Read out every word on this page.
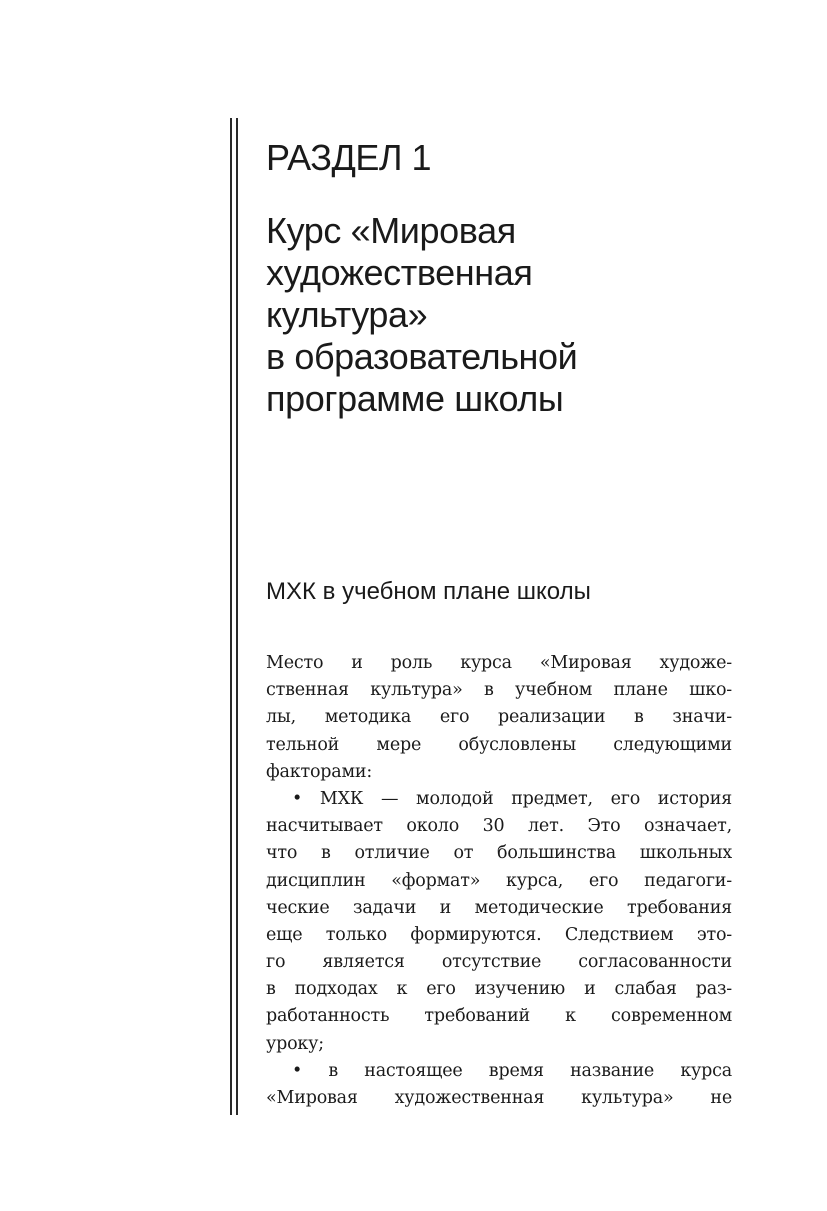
РАЗДЕЛ 1
Курс «Мировая
художественная
культура»
в образовательной
программе школы
МХК в учебном плане школы
Место и роль курса «Мировая художе-
ственная культура» в учебном плане шко-
лы, методика его реализации в значи-
тельной мере обусловлены следующими
факторами:
• МХК — молодой предмет, его история
насчитывает около 30 лет. Это означает,
что в отличие от большинства школьных
дисциплин «формат» курса, его педагоги-
ческие задачи и методические требования
еще только формируются. Следствием это-
го является отсутствие согласованности
в подходах к его изучению и слабая раз-
работанность требований к современном
уроку;
• в настоящее время название курса
«Мировая художественная культура» не
